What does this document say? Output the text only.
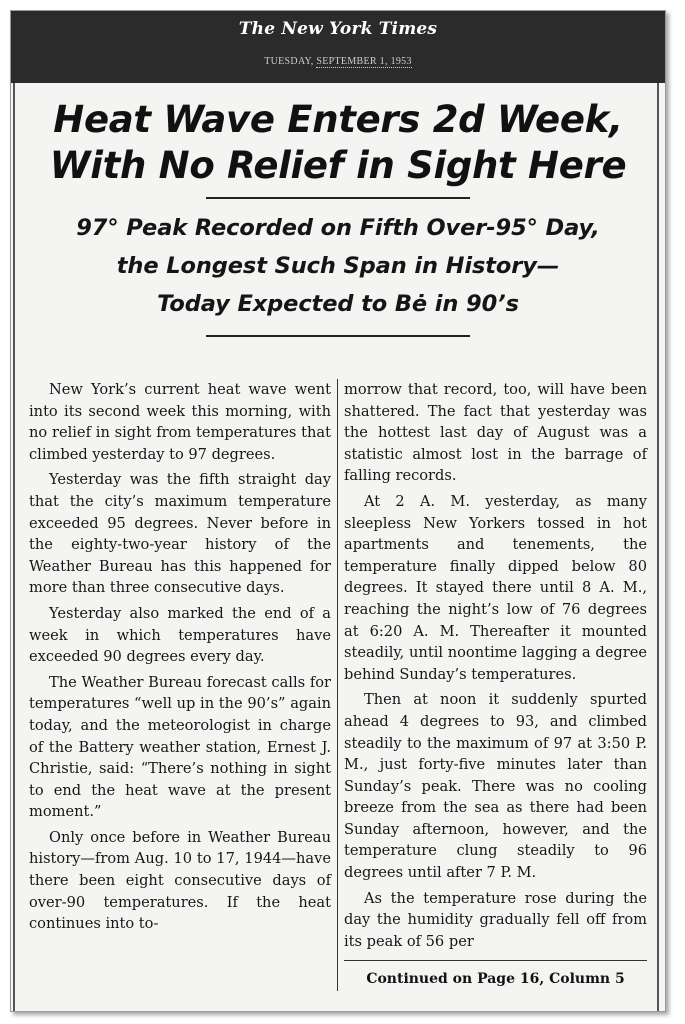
The New York Times
TUESDAY, SEPTEMBER 1, 1953
Heat Wave Enters 2d Week, With No Relief in Sight Here
97° Peak Recorded on Fifth Over-95° Day,
the Longest Such Span in History—
Today Expected to Bė in 90’s

New York’s current heat wave went into its second week this morning, with no relief in sight from temperatures that climbed yesterday to 97 degrees.

Yesterday was the fifth straight day that the city’s maximum temperature exceeded 95 degrees. Never before in the eighty-two-year history of the Weather Bureau has this happened for more than three consecutive days.

Yesterday also marked the end of a week in which temperatures have exceeded 90 degrees every day.

The Weather Bureau forecast calls for temperatures “well up in the 90’s” again today, and the meteorologist in charge of the Battery weather station, Ernest J. Christie, said: “There’s nothing in sight to end the heat wave at the present moment.”

Only once before in Weather Bureau history—from Aug. 10 to 17, 1944—have there been eight consecutive days of over-90 temperatures. If the heat continues into to-

morrow that record, too, will have been shattered. The fact that yesterday was the hottest last day of August was a statistic almost lost in the barrage of falling records.

At 2 A. M. yesterday, as many sleepless New Yorkers tossed in hot apartments and tenements, the temperature finally dipped below 80 degrees. It stayed there until 8 A. M., reaching the night’s low of 76 degrees at 6:20 A. M. Thereafter it mounted steadily, until noontime lagging a degree behind Sunday’s temperatures.

Then at noon it suddenly spurted ahead 4 degrees to 93, and climbed steadily to the maximum of 97 at 3:50 P. M., just forty-five minutes later than Sunday’s peak. There was no cooling breeze from the sea as there had been Sunday afternoon, however, and the temperature clung steadily to 96 degrees until after 7 P. M.

As the temperature rose during the day the humidity gradually fell off from its peak of 56 per

Continued on Page 16, Column 5
